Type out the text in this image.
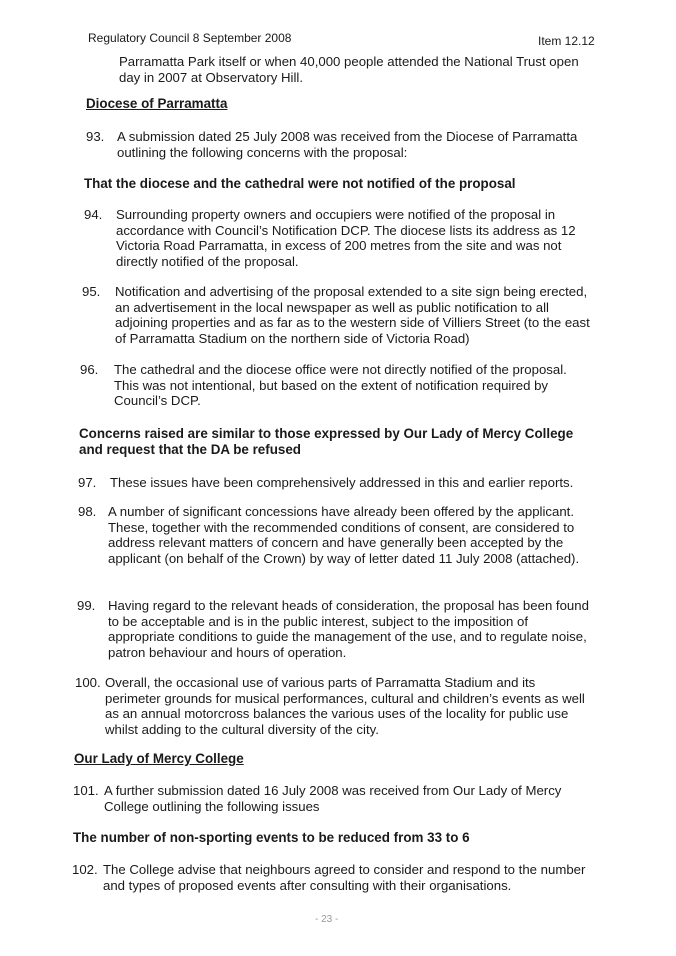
Regulatory Council 8 September 2008	Item 12.12
Parramatta Park itself or when 40,000 people attended the National Trust open day in 2007 at Observatory Hill.
Diocese of Parramatta
93. A submission dated 25 July 2008 was received from the Diocese of Parramatta outlining the following concerns with the proposal:
That the diocese and the cathedral were not notified of the proposal
94. Surrounding property owners and occupiers were notified of the proposal in accordance with Council’s Notification DCP. The diocese lists its address as 12 Victoria Road Parramatta, in excess of 200 metres from the site and was not directly notified of the proposal.
95. Notification and advertising of the proposal extended to a site sign being erected, an advertisement in the local newspaper as well as public notification to all adjoining properties and as far as to the western side of Villiers Street (to the east of Parramatta Stadium on the northern side of Victoria Road)
96. The cathedral and the diocese office were not directly notified of the proposal. This was not intentional, but based on the extent of notification required by Council’s DCP.
Concerns raised are similar to those expressed by Our Lady of Mercy College and request that the DA be refused
97. These issues have been comprehensively addressed in this and earlier reports.
98. A number of significant concessions have already been offered by the applicant. These, together with the recommended conditions of consent, are considered to address relevant matters of concern and have generally been accepted by the applicant (on behalf of the Crown) by way of letter dated 11 July 2008 (attached).
99. Having regard to the relevant heads of consideration, the proposal has been found to be acceptable and is in the public interest, subject to the imposition of appropriate conditions to guide the management of the use, and to regulate noise, patron behaviour and hours of operation.
100. Overall, the occasional use of various parts of Parramatta Stadium and its perimeter grounds for musical performances, cultural and children’s events as well as an annual motorcross balances the various uses of the locality for public use whilst adding to the cultural diversity of the city.
Our Lady of Mercy College
101. A further submission dated 16 July 2008 was received from Our Lady of Mercy College outlining the following issues
The number of non-sporting events to be reduced from 33 to 6
102. The College advise that neighbours agreed to consider and respond to the number and types of proposed events after consulting with their organisations.
- 23 -
